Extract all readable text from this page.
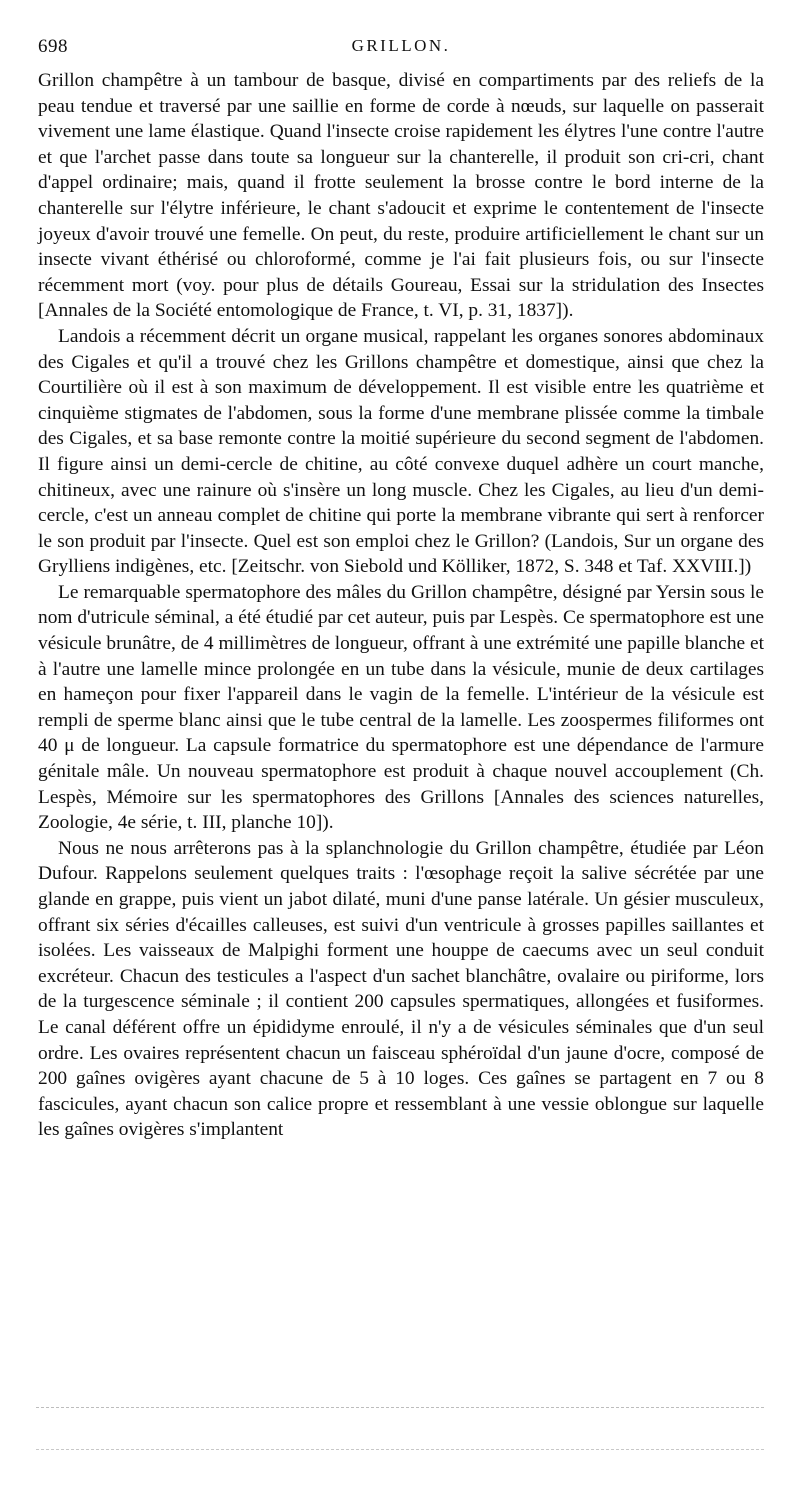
698	GRILLON.

Grillon champêtre à un tambour de basque, divisé en compartiments par des reliefs de la peau tendue et traversé par une saillie en forme de corde à nœuds, sur laquelle on passerait vivement une lame élastique. Quand l'insecte croise rapidement les élytres l'une contre l'autre et que l'archet passe dans toute sa longueur sur la chanterelle, il produit son cri-cri, chant d'appel ordinaire; mais, quand il frotte seulement la brosse contre le bord interne de la chanterelle sur l'élytre inférieure, le chant s'adoucit et exprime le contentement de l'insecte joyeux d'avoir trouvé une femelle. On peut, du reste, produire artificiellement le chant sur un insecte vivant éthérisé ou chloroformé, comme je l'ai fait plusieurs fois, ou sur l'insecte récemment mort (voy. pour plus de détails Goureau, Essai sur la stridulation des Insectes [Annales de la Société entomologique de France, t. VI, p. 31, 1837]).

Landois a récemment décrit un organe musical, rappelant les organes sonores abdominaux des Cigales et qu'il a trouvé chez les Grillons champêtre et domestique, ainsi que chez la Courtilière où il est à son maximum de développement. Il est visible entre les quatrième et cinquième stigmates de l'abdomen, sous la forme d'une membrane plissée comme la timbale des Cigales, et sa base remonte contre la moitié supérieure du second segment de l'abdomen. Il figure ainsi un demi-cercle de chitine, au côté convexe duquel adhère un court manche, chitineux, avec une rainure où s'insère un long muscle. Chez les Cigales, au lieu d'un demi-cercle, c'est un anneau complet de chitine qui porte la membrane vibrante qui sert à renforcer le son produit par l'insecte. Quel est son emploi chez le Grillon? (Landois, Sur un organe des Grylliens indigènes, etc. [Zeitschr. von Siebold und Kölliker, 1872, S. 348 et Taf. XXVIII.])

Le remarquable spermatophore des mâles du Grillon champêtre, désigné par Yersin sous le nom d'utricule séminal, a été étudié par cet auteur, puis par Lespès. Ce spermatophore est une vésicule brunâtre, de 4 millimètres de longueur, offrant à une extrémité une papille blanche et à l'autre une lamelle mince prolongée en un tube dans la vésicule, munie de deux cartilages en hameçon pour fixer l'appareil dans le vagin de la femelle. L'intérieur de la vésicule est rempli de sperme blanc ainsi que le tube central de la lamelle. Les zoospermes filiformes ont 40 μ de longueur. La capsule formatrice du spermatophore est une dépendance de l'armure génitale mâle. Un nouveau spermatophore est produit à chaque nouvel accouplement (Ch. Lespès, Mémoire sur les spermatophores des Grillons [Annales des sciences naturelles, Zoologie, 4e série, t. III, planche 10]).

Nous ne nous arrêterons pas à la splanchnologie du Grillon champêtre, étudiée par Léon Dufour. Rappelons seulement quelques traits : l'œsophage reçoit la salive sécrétée par une glande en grappe, puis vient un jabot dilaté, muni d'une panse latérale. Un gésier musculeux, offrant six séries d'écailles calleuses, est suivi d'un ventricule à grosses papilles saillantes et isolées. Les vaisseaux de Malpighi forment une houppe de caecums avec un seul conduit excréteur. Chacun des testicules a l'aspect d'un sachet blanchâtre, ovalaire ou piriforme, lors de la turgescence séminale ; il contient 200 capsules spermatiques, allongées et fusiformes. Le canal déférent offre un épididyme enroulé, il n'y a de vésicules séminales que d'un seul ordre. Les ovaires représentent chacun un faisceau sphéroïdal d'un jaune d'ocre, composé de 200 gaînes ovigères ayant chacune de 5 à 10 loges. Ces gaînes se partagent en 7 ou 8 fascicules, ayant chacun son calice propre et ressemblant à une vessie oblongue sur laquelle les gaînes ovigères s'implantent
